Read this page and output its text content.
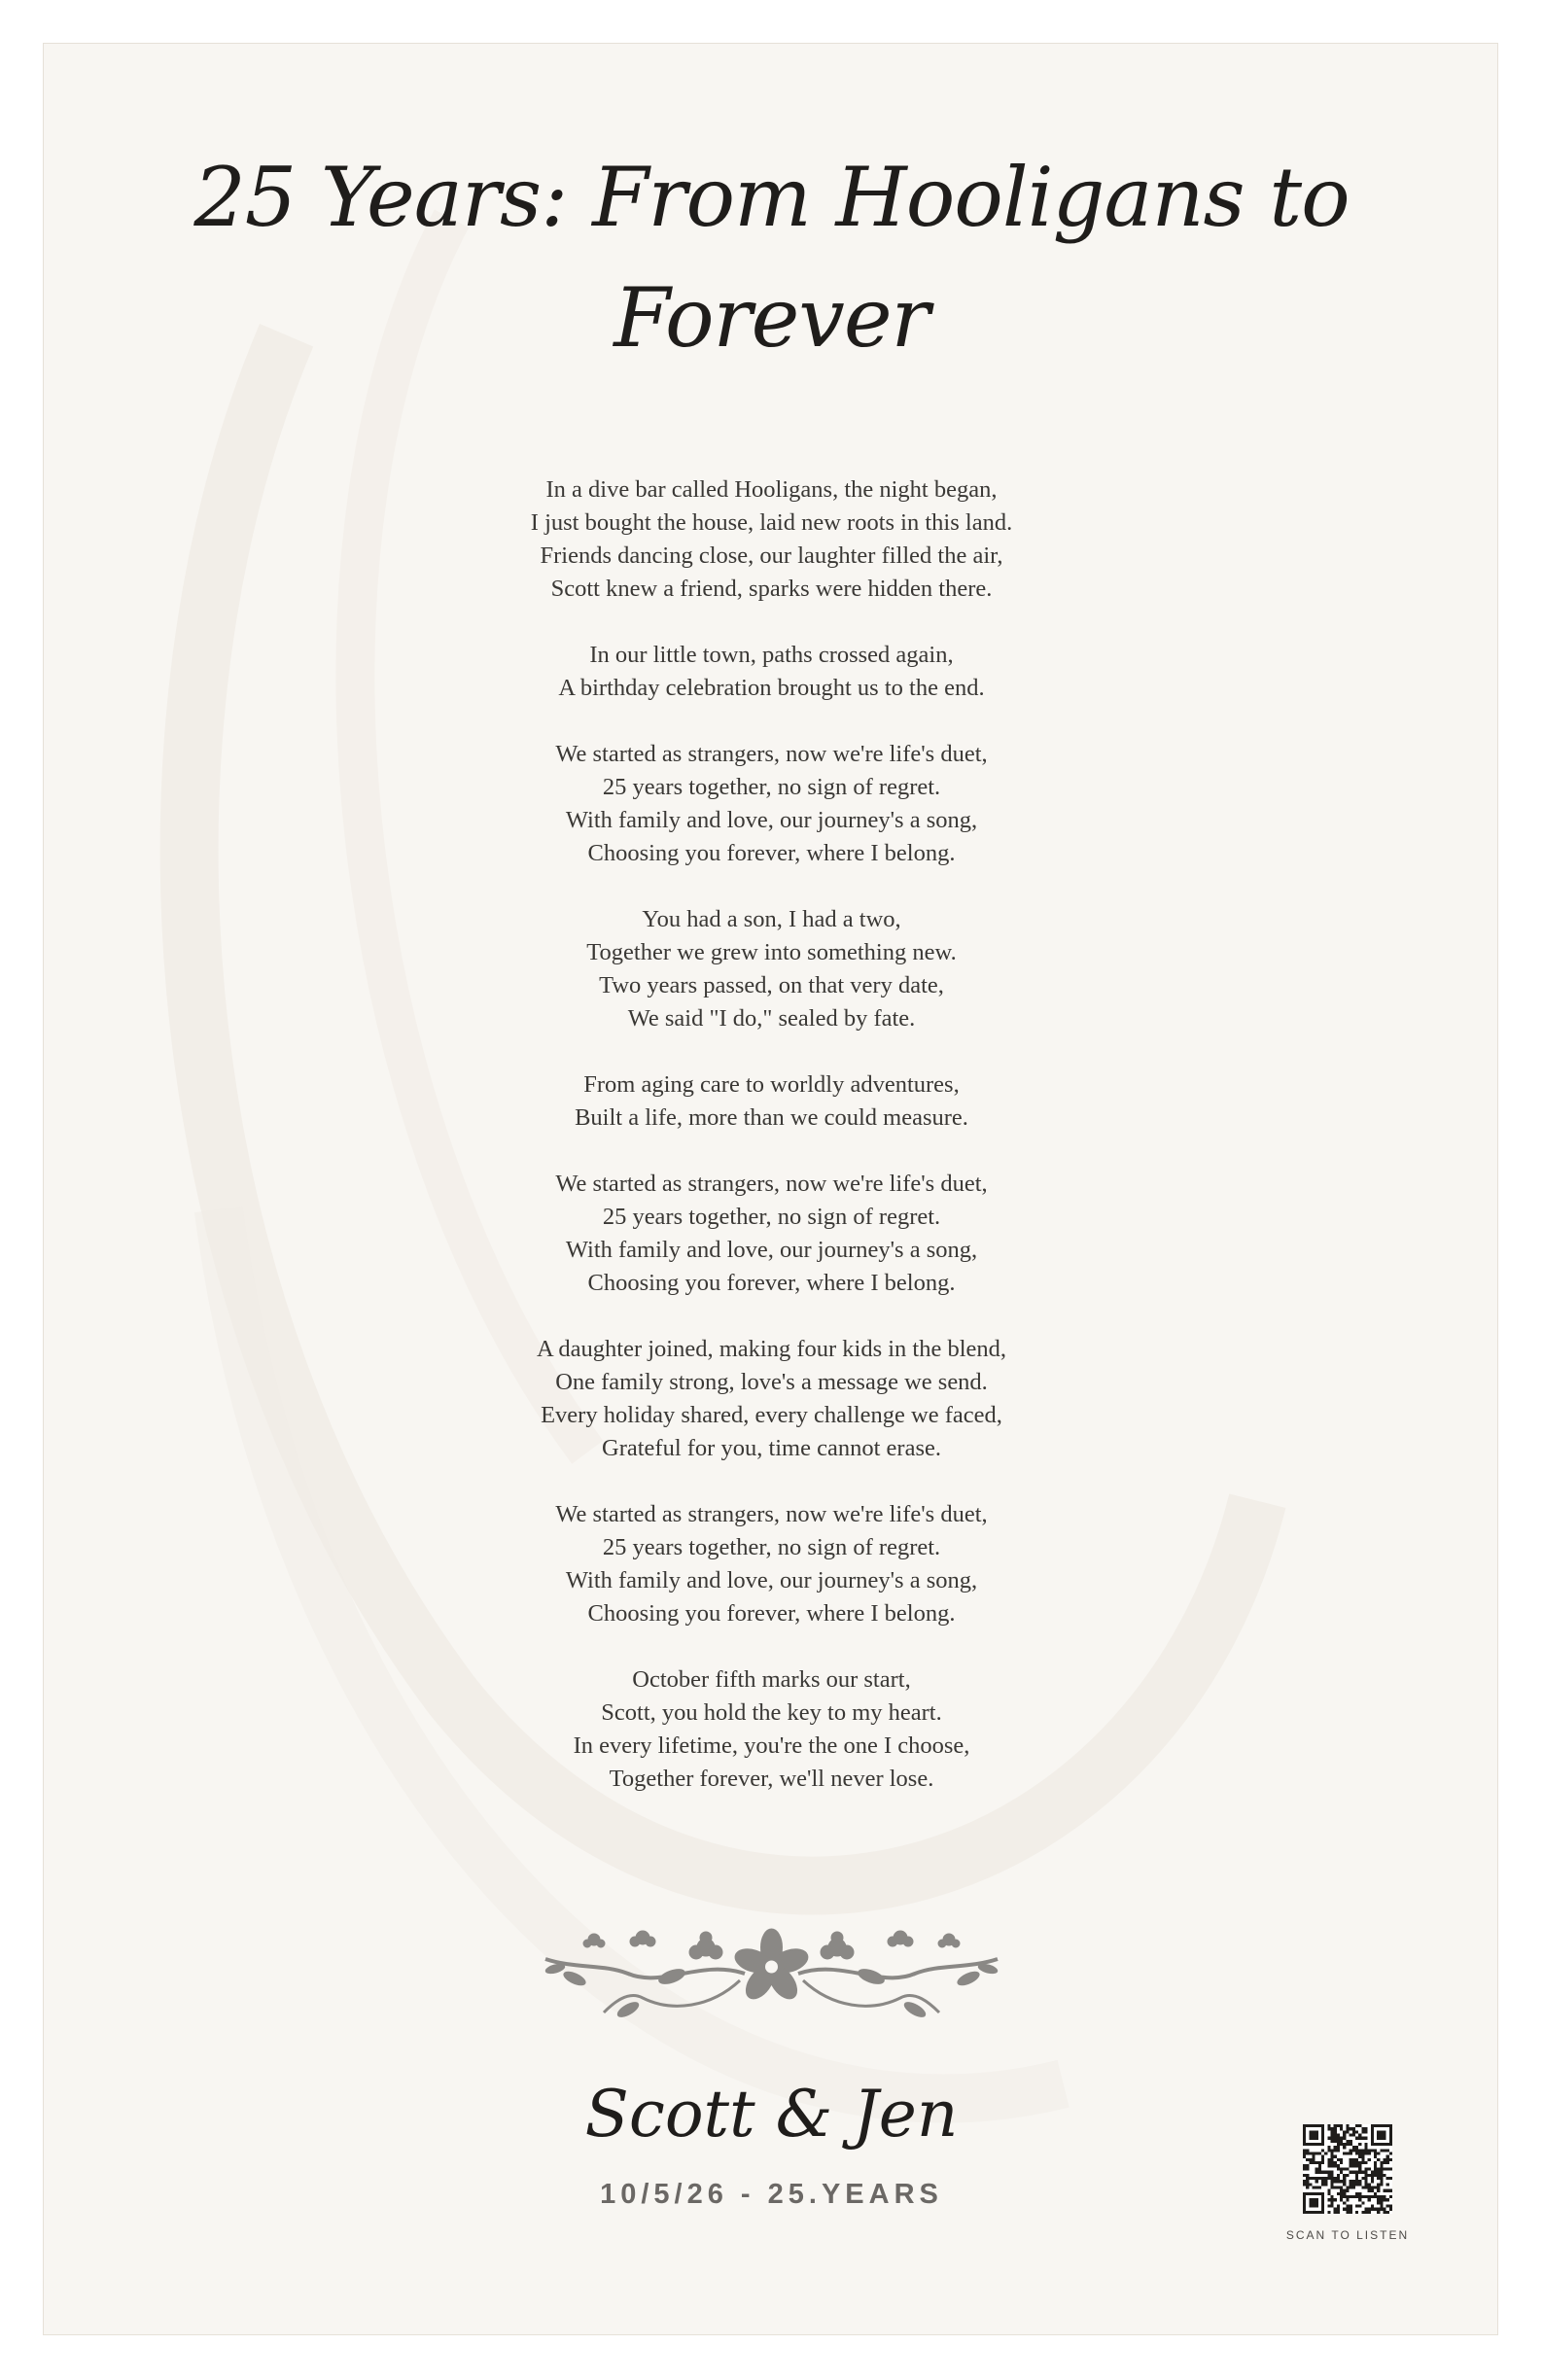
25 Years: From Hooligans to Forever

In a dive bar called Hooligans, the night began,
I just bought the house, laid new roots in this land.
Friends dancing close, our laughter filled the air,
Scott knew a friend, sparks were hidden there.

In our little town, paths crossed again,
A birthday celebration brought us to the end.

We started as strangers, now we're life's duet,
25 years together, no sign of regret.
With family and love, our journey's a song,
Choosing you forever, where I belong.

You had a son, I had a two,
Together we grew into something new.
Two years passed, on that very date,
We said "I do," sealed by fate.

From aging care to worldly adventures,
Built a life, more than we could measure.

We started as strangers, now we're life's duet,
25 years together, no sign of regret.
With family and love, our journey's a song,
Choosing you forever, where I belong.

A daughter joined, making four kids in the blend,
One family strong, love's a message we send.
Every holiday shared, every challenge we faced,
Grateful for you, time cannot erase.

We started as strangers, now we're life's duet,
25 years together, no sign of regret.
With family and love, our journey's a song,
Choosing you forever, where I belong.

October fifth marks our start,
Scott, you hold the key to my heart.
In every lifetime, you're the one I choose,
Together forever, we'll never lose.

Scott & Jen
10/5/26 - 25.YEARS
SCAN TO LISTEN
